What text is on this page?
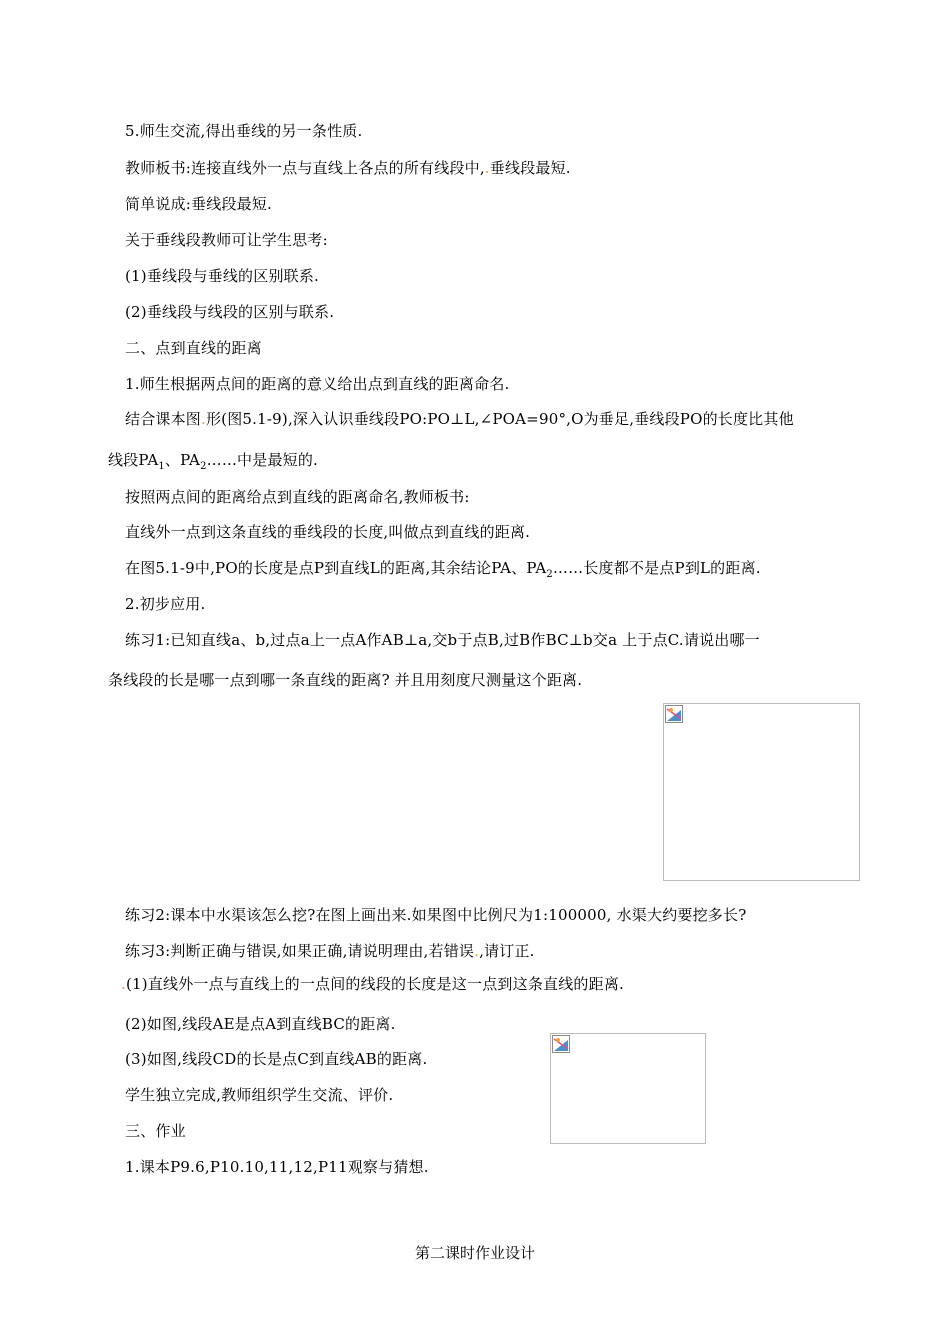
5.师生交流,得出垂线的另一条性质.
教师板书:连接直线外一点与直线上各点的所有线段中,.垂线段最短.
简单说成:垂线段最短.
关于垂线段教师可让学生思考:
(1)垂线段与垂线的区别联系.
(2)垂线段与线段的区别与联系.
二、点到直线的距离
1.师生根据两点间的距离的意义给出点到直线的距离命名.
结合课本图.形(图5.1-9),深入认识垂线段PO:PO⊥L,∠POA=90°,O为垂足,垂线段PO的长度比其他
线段$PA_1$、$PA_2\dots\dots$中是最短的.
按照两点间的距离给点到直线的距离命名,教师板书:
直线外一点到这条直线的垂线段的长度,叫做点到直线的距离.
在图5.1-9中,PO的长度是点P到直线L的距离,其余结论PA、$PA_2\dots\dots$长度都不是点P到L的距离.
2.初步应用.
练习1:已知直线a、b,过点a上一点A作AB⊥a,交b于点B,过B作BC⊥b交a 上于点C.请说出哪一
条线段的长是哪一点到哪一条直线的距离? 并且用刻度尺测量这个距离.
练习2:课本中水渠该怎么挖?在图上画出来.如果图中比例尺为1:100000, 水渠大约要挖多长?
练习3:判断正确与错误,如果正确,请说明理由,若错误.,请订正.
.(1)直线外一点与直线上的一点间的线段的长度是这一点到这条直线的距离.
(2)如图,线段AE是点A到直线BC的距离.
(3)如图,线段CD的长是点C到直线AB的距离.
学生独立完成,教师组织学生交流、评价.
三、作业
1.课本P9.6,P10.10,11,12,P11观察与猜想.
第二课时作业设计
